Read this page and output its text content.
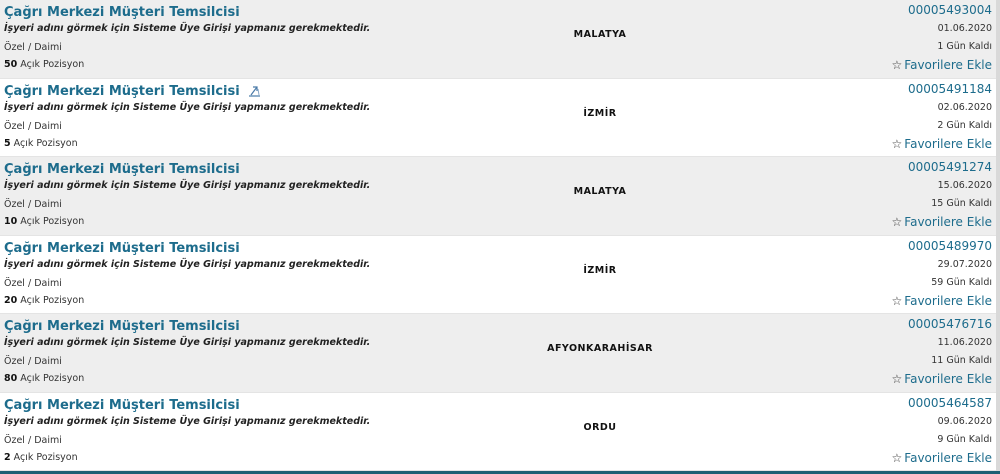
Çağrı Merkezi Müşteri Temsilcisi
İşyeri adını görmek için Sisteme Üye Girişi yapmanız gerekmektedir.
Özel / Daimi
50 Açık Pozisyon
MALATYA
00005493004
01.06.2020
1 Gün Kaldı
☆ Favorilere Ekle
Çağrı Merkezi Müşteri Temsilcisi
İşyeri adını görmek için Sisteme Üye Girişi yapmanız gerekmektedir.
Özel / Daimi
5 Açık Pozisyon
İZMİR
00005491184
02.06.2020
2 Gün Kaldı
☆ Favorilere Ekle
Çağrı Merkezi Müşteri Temsilcisi
İşyeri adını görmek için Sisteme Üye Girişi yapmanız gerekmektedir.
Özel / Daimi
10 Açık Pozisyon
MALATYA
00005491274
15.06.2020
15 Gün Kaldı
☆ Favorilere Ekle
Çağrı Merkezi Müşteri Temsilcisi
İşyeri adını görmek için Sisteme Üye Girişi yapmanız gerekmektedir.
Özel / Daimi
20 Açık Pozisyon
İZMİR
00005489970
29.07.2020
59 Gün Kaldı
☆ Favorilere Ekle
Çağrı Merkezi Müşteri Temsilcisi
İşyeri adını görmek için Sisteme Üye Girişi yapmanız gerekmektedir.
Özel / Daimi
80 Açık Pozisyon
AFYONKARAHİSAR
00005476716
11.06.2020
11 Gün Kaldı
☆ Favorilere Ekle
Çağrı Merkezi Müşteri Temsilcisi
İşyeri adını görmek için Sisteme Üye Girişi yapmanız gerekmektedir.
Özel / Daimi
2 Açık Pozisyon
ORDU
00005464587
09.06.2020
9 Gün Kaldı
☆ Favorilere Ekle
